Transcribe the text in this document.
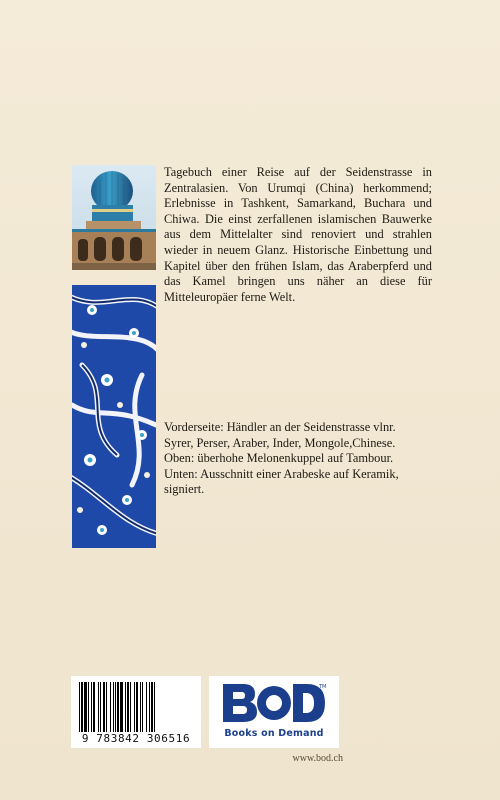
Tagebuch einer Reise auf der Seidenstrasse in Zentralasien. Von Urumqi (China) herkommend; Erlebnisse in Tashkent, Samarkand, Buchara und Chiwa. Die einst zerfallenen islamischen Bauwerke aus dem Mittelalter sind renoviert und strahlen wieder in neuem Glanz. Historische Einbettung und Kapitel über den frühen Islam, das Araberpferd und das Kamel bringen uns näher an diese für Mitteleuropäer ferne Welt.

Vorderseite: Händler an der Seidenstrasse vlnr.
Syrer, Perser, Araber, Inder, Mongole,Chinese.
Oben: überhohe Melonenkuppel auf Tambour.
Unten: Ausschnitt einer Arabeske auf Keramik,
signiert.
9 783842 306516
TM
Books on Demand
www.bod.ch
